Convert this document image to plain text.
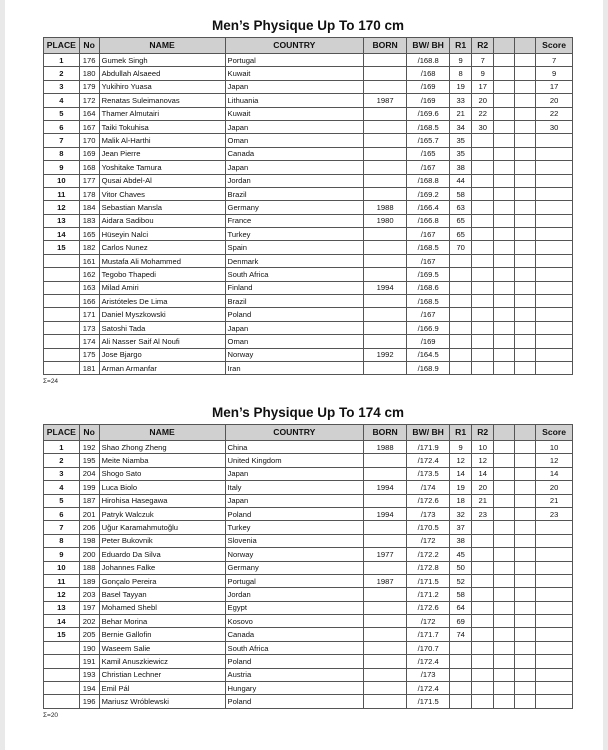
Men’s Physique Up To 170 cm
PLACE	No	NAME	COUNTRY	BORN	BW/ BH	R1	R2			Score
1	176	Gumek Singh	Portugal		/168.8	9	7			7
2	180	Abdullah Alsaeed	Kuwait		/168	8	9			9
3	179	Yukihiro Yuasa	Japan		/169	19	17			17
4	172	Renatas Suleimanovas	Lithuania	1987	/169	33	20			20
5	164	Thamer Almutairi	Kuwait		/169.6	21	22			22
6	167	Taiki Tokuhisa	Japan		/168.5	34	30			30
7	170	Malik Al-Harthi	Oman		/165.7	35				
8	169	Jean Pierre	Canada		/165	35				
9	168	Yoshitake Tamura	Japan		/167	38				
10	177	Qusai Abdel-Al	Jordan		/168.8	44				
11	178	Vitor Chaves	Brazil		/169.2	58				
12	184	Sebastian Mansla	Germany	1988	/166.4	63				
13	183	Aidara Sadibou	France	1980	/166.8	65				
14	165	Hüseyin Nalci	Turkey		/167	65				
15	182	Carlos Nunez	Spain		/168.5	70				
	161	Mustafa Ali Mohammed	Denmark		/167					
	162	Tegobo Thapedi	South Africa		/169.5					
	163	Milad Amiri	Finland	1994	/168.6					
	166	Aristóteles De Lima	Brazil		/168.5					
	171	Daniel Myszkowski	Poland		/167					
	173	Satoshi Tada	Japan		/166.9					
	174	Ali Nasser Saif Al Noufi	Oman		/169					
	175	Jose Bjargo	Norway	1992	/164.5					
	181	Arman Armanfar	Iran		/168.9					
Σ=24
Men’s Physique Up To 174 cm
PLACE	No	NAME	COUNTRY	BORN	BW/ BH	R1	R2			Score
1	192	Shao Zhong Zheng	China	1988	/171.9	9	10			10
2	195	Meite Niamba	United Kingdom		/172.4	12	12			12
3	204	Shogo Sato	Japan		/173.5	14	14			14
4	199	Luca Biolo	Italy	1994	/174	19	20			20
5	187	Hirohisa Hasegawa	Japan		/172.6	18	21			21
6	201	Patryk Walczuk	Poland	1994	/173	32	23			23
7	206	Uğur Karamahmutoğlu	Turkey		/170.5	37				
8	198	Peter Bukovnik	Slovenia		/172	38				
9	200	Eduardo Da Silva	Norway	1977	/172.2	45				
10	188	Johannes Falke	Germany		/172.8	50				
11	189	Gonçalo Pereira	Portugal	1987	/171.5	52				
12	203	Basel Tayyan	Jordan		/171.2	58				
13	197	Mohamed Shebl	Egypt		/172.6	64				
14	202	Behar Morina	Kosovo		/172	69				
15	205	Bernie Gallofin	Canada		/171.7	74				
	190	Waseem Salie	South Africa		/170.7					
	191	Kamil Anuszkiewicz	Poland		/172.4					
	193	Christian Lechner	Austria		/173					
	194	Emil Pál	Hungary		/172.4					
	196	Mariusz Wróblewski	Poland		/171.5					
Σ=20
